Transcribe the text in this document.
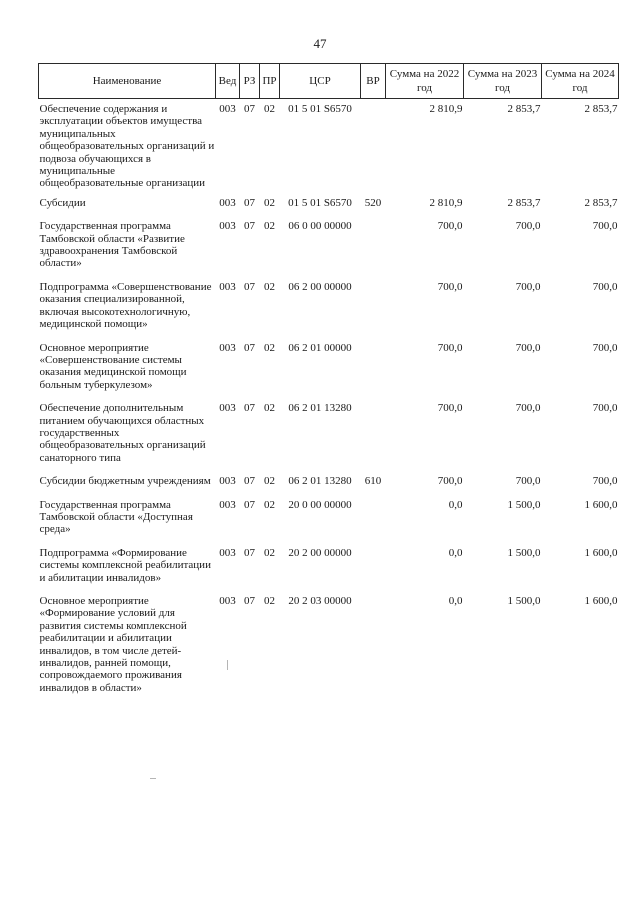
47
Наименование	Вед	РЗ	ПР	ЦСР	ВР	Сумма на 2022 год	Сумма на 2023 год	Сумма на 2024 год
Обеспечение содержания и эксплуатации объектов имущества муниципальных общеобразовательных организаций и подвоза обучающихся в муниципальные общеобразовательные организации	003	07	02	01 5 01 S6570		2 810,9	2 853,7	2 853,7
Субсидии	003	07	02	01 5 01 S6570	520	2 810,9	2 853,7	2 853,7
Государственная программа Тамбовской области «Развитие здравоохранения Тамбовской области»	003	07	02	06 0 00 00000		700,0	700,0	700,0
Подпрограмма «Совершенствование оказания специализированной, включая высокотехнологичную, медицинской помощи»	003	07	02	06 2 00 00000		700,0	700,0	700,0
Основное мероприятие «Совершенствование системы оказания медицинской помощи больным туберкулезом»	003	07	02	06 2 01 00000		700,0	700,0	700,0
Обеспечение дополнительным питанием обучающихся областных государственных общеобразовательных организаций санаторного типа	003	07	02	06 2 01 13280		700,0	700,0	700,0
Субсидии бюджетным учреждениям	003	07	02	06 2 01 13280	610	700,0	700,0	700,0
Государственная программа Тамбовской области «Доступная среда»	003	07	02	20 0 00 00000		0,0	1 500,0	1 600,0
Подпрограмма «Формирование системы комплексной реабилитации и абилитации инвалидов»	003	07	02	20 2 00 00000		0,0	1 500,0	1 600,0
Основное мероприятие «Формирование условий для развития системы комплексной реабилитации и абилитации инвалидов, в том числе детей-инвалидов, ранней помощи, сопровождаемого проживания инвалидов в области»	003	07	02	20 2 03 00000		0,0	1 500,0	1 600,0
